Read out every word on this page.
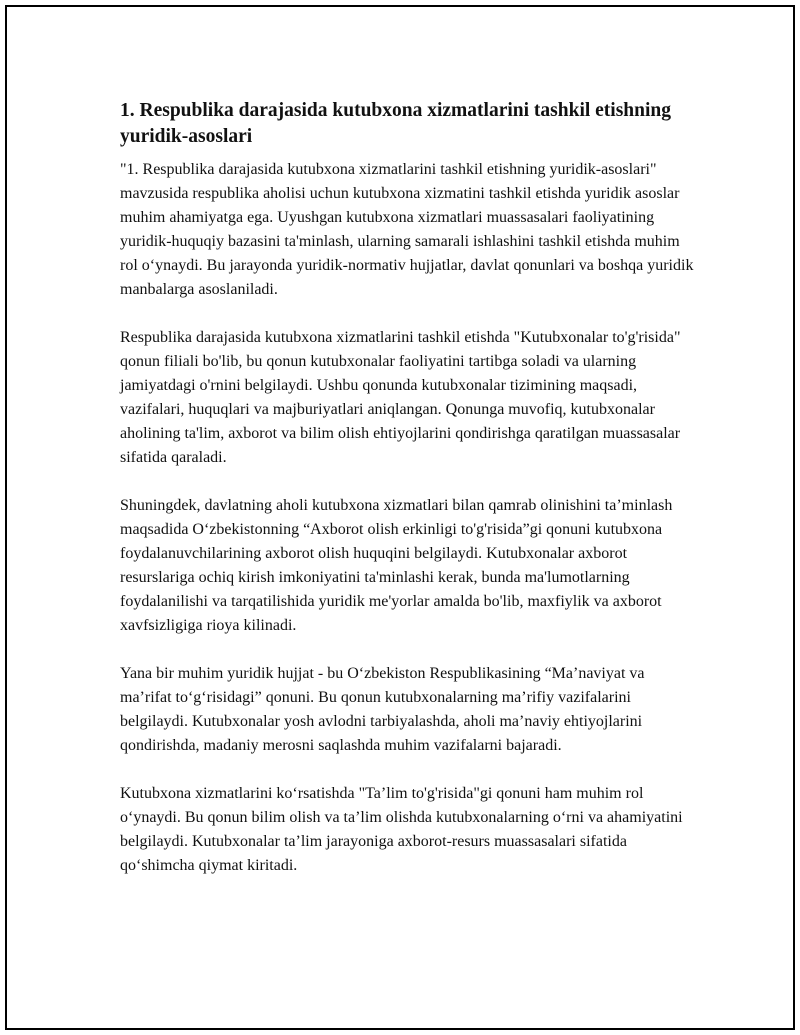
1. Respublika darajasida kutubxona xizmatlarini tashkil etishning yuridik-asoslari

"1. Respublika darajasida kutubxona xizmatlarini tashkil etishning yuridik-asoslari" mavzusida respublika aholisi uchun kutubxona xizmatini tashkil etishda yuridik asoslar muhim ahamiyatga ega. Uyushgan kutubxona xizmatlari muassasalari faoliyatining yuridik-huquqiy bazasini ta'minlash, ularning samarali ishlashini tashkil etishda muhim rol o‘ynaydi. Bu jarayonda yuridik-normativ hujjatlar, davlat qonunlari va boshqa yuridik manbalarga asoslaniladi.

Respublika darajasida kutubxona xizmatlarini tashkil etishda "Kutubxonalar to'g'risida" qonun filiali bo'lib, bu qonun kutubxonalar faoliyatini tartibga soladi va ularning jamiyatdagi o'rnini belgilaydi. Ushbu qonunda kutubxonalar tizimining maqsadi, vazifalari, huquqlari va majburiyatlari aniqlangan. Qonunga muvofiq, kutubxonalar aholining ta'lim, axborot va bilim olish ehtiyojlarini qondirishga qaratilgan muassasalar sifatida qaraladi.

Shuningdek, davlatning aholi kutubxona xizmatlari bilan qamrab olinishini ta’minlash maqsadida O‘zbekistonning “Axborot olish erkinligi to'g'risida”gi qonuni kutubxona foydalanuvchilarining axborot olish huquqini belgilaydi. Kutubxonalar axborot resurslariga ochiq kirish imkoniyatini ta'minlashi kerak, bunda ma'lumotlarning foydalanilishi va tarqatilishida yuridik me'yorlar amalda bo'lib, maxfiylik va axborot xavfsizligiga rioya kilinadi.

Yana bir muhim yuridik hujjat - bu O‘zbekiston Respublikasining “Ma’naviyat va ma’rifat to‘g‘risidagi” qonuni. Bu qonun kutubxonalarning ma’rifiy vazifalarini belgilaydi. Kutubxonalar yosh avlodni tarbiyalashda, aholi ma’naviy ehtiyojlarini qondirishda, madaniy merosni saqlashda muhim vazifalarni bajaradi.

Kutubxona xizmatlarini ko‘rsatishda "Ta’lim to'g'risida"gi qonuni ham muhim rol o‘ynaydi. Bu qonun bilim olish va ta’lim olishda kutubxonalarning o‘rni va ahamiyatini belgilaydi. Kutubxonalar ta’lim jarayoniga axborot-resurs muassasalari sifatida qo‘shimcha qiymat kiritadi.
